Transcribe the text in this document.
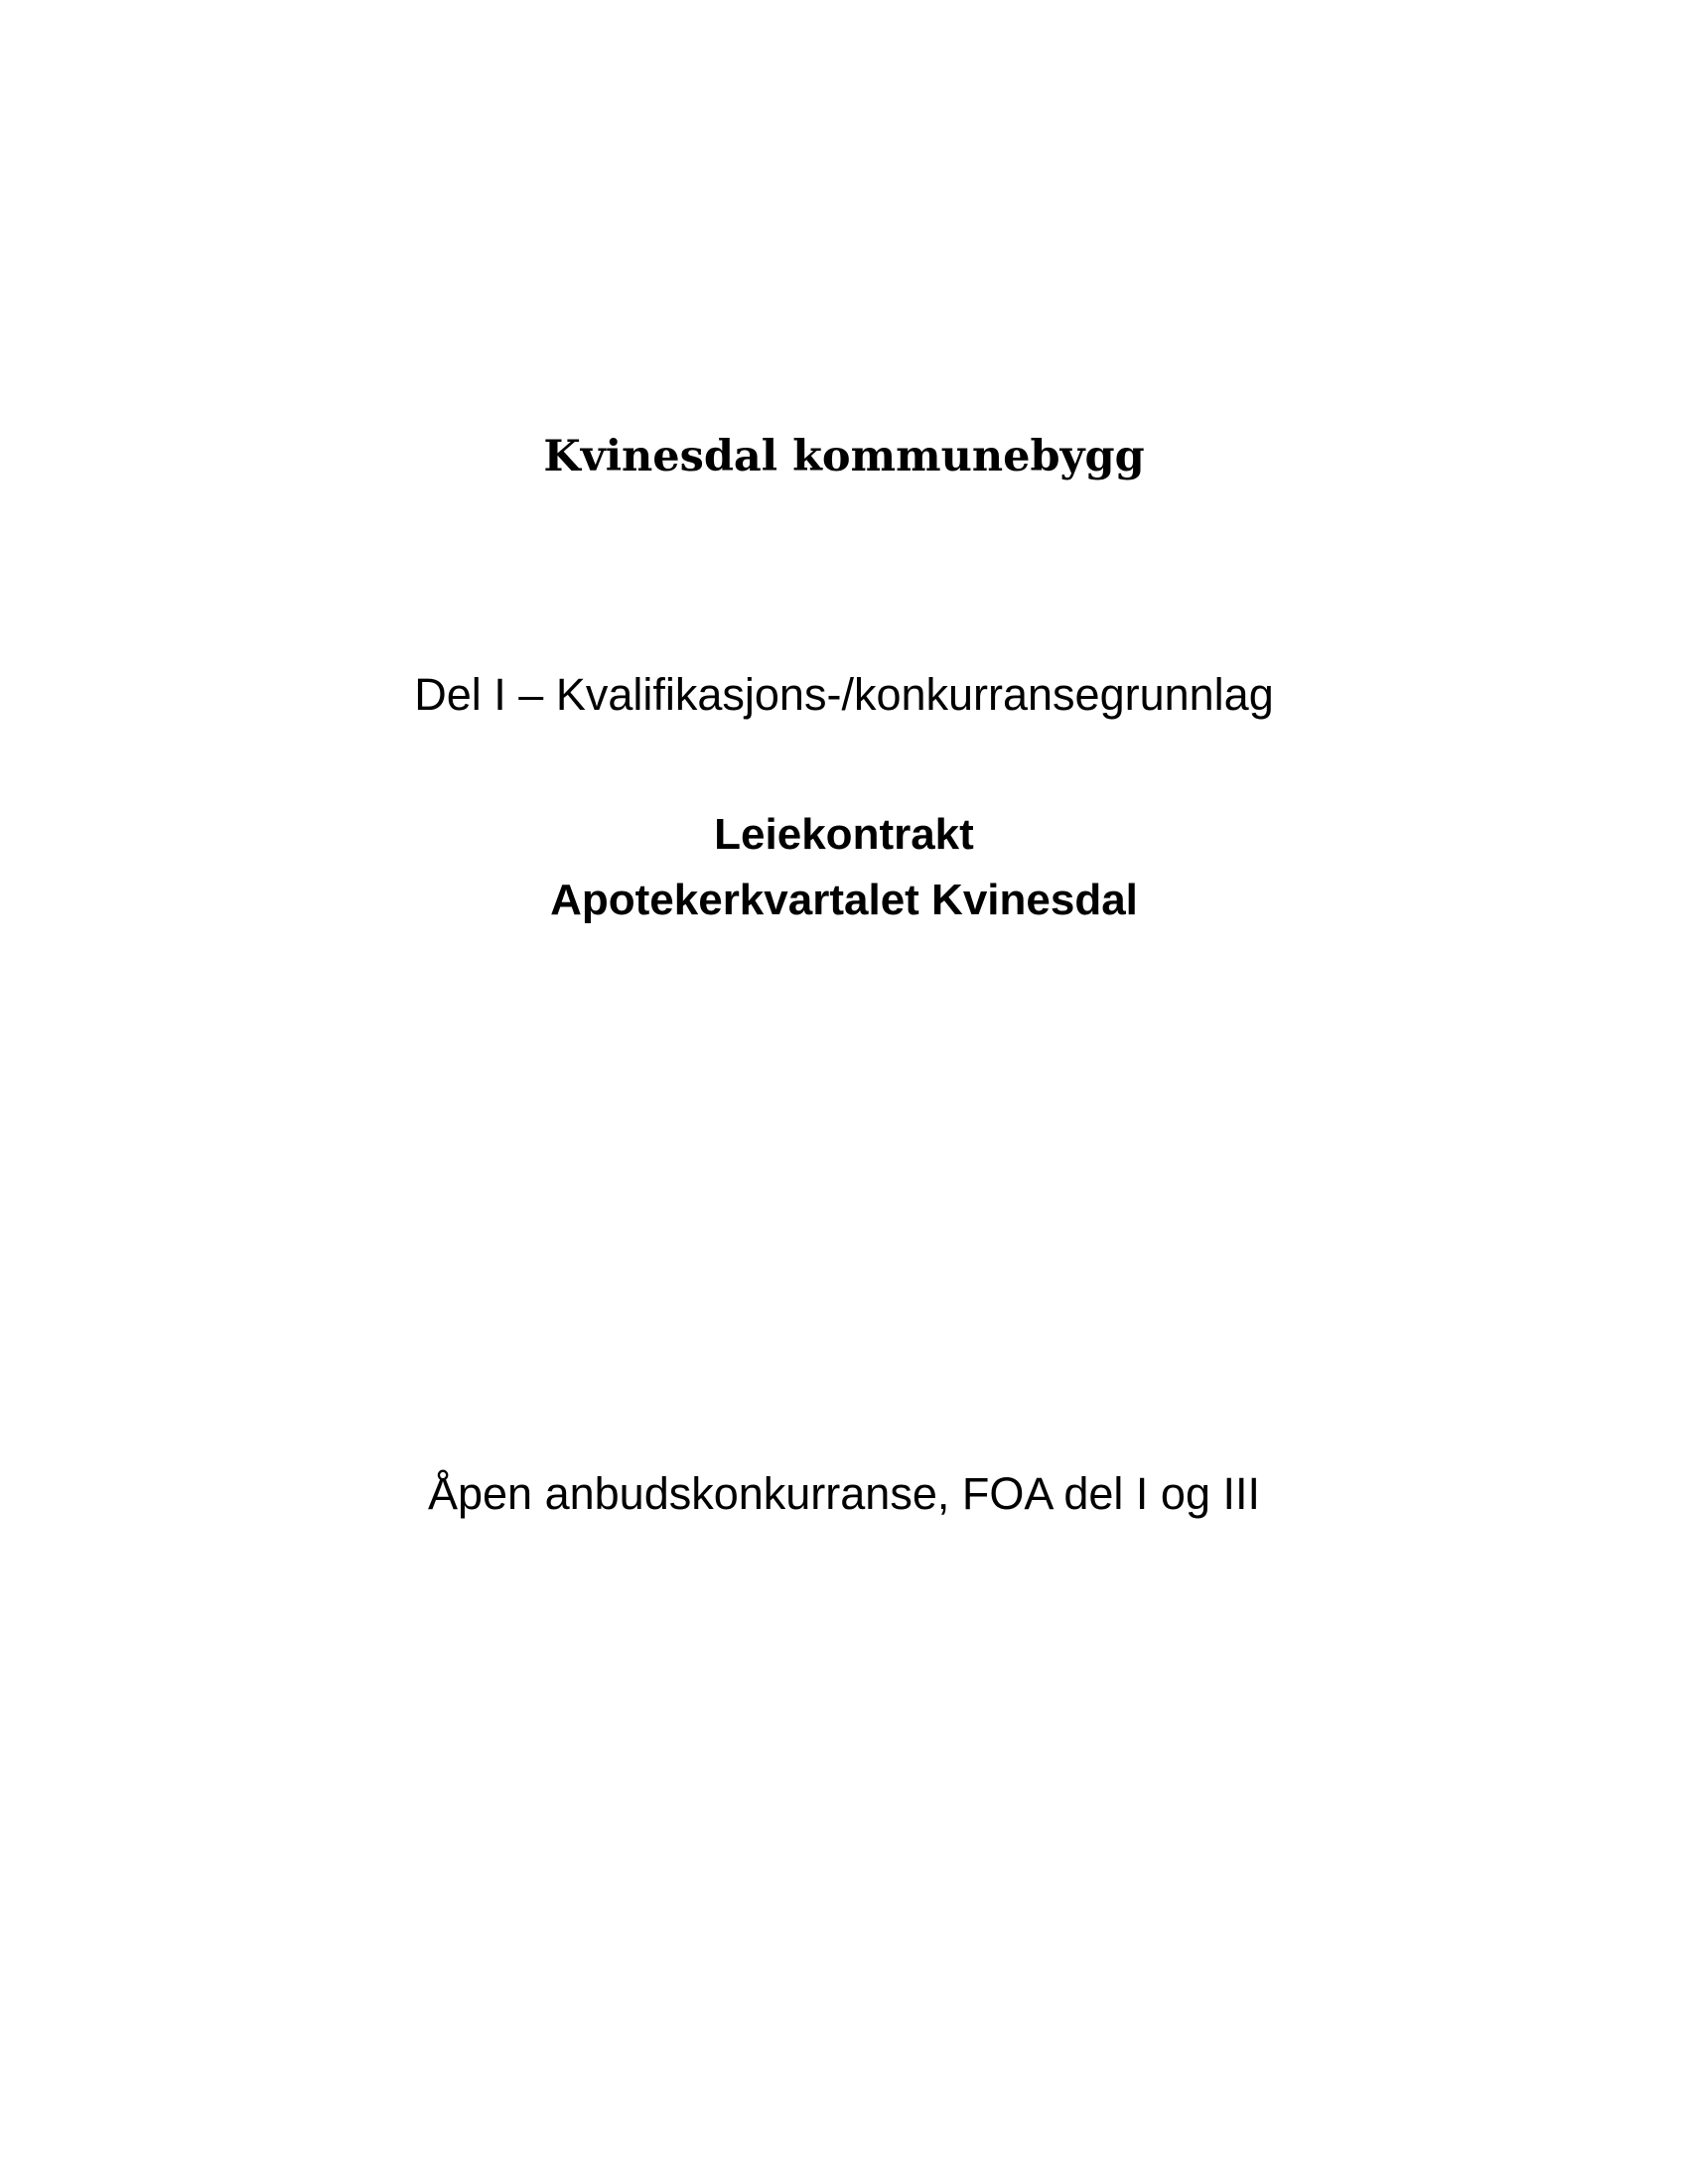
Kvinesdal kommunebygg
Del I – Kvalifikasjons-/konkurransegrunnlag
Leiekontrakt
Apotekerkvartalet Kvinesdal
Åpen anbudskonkurranse, FOA del I og III
